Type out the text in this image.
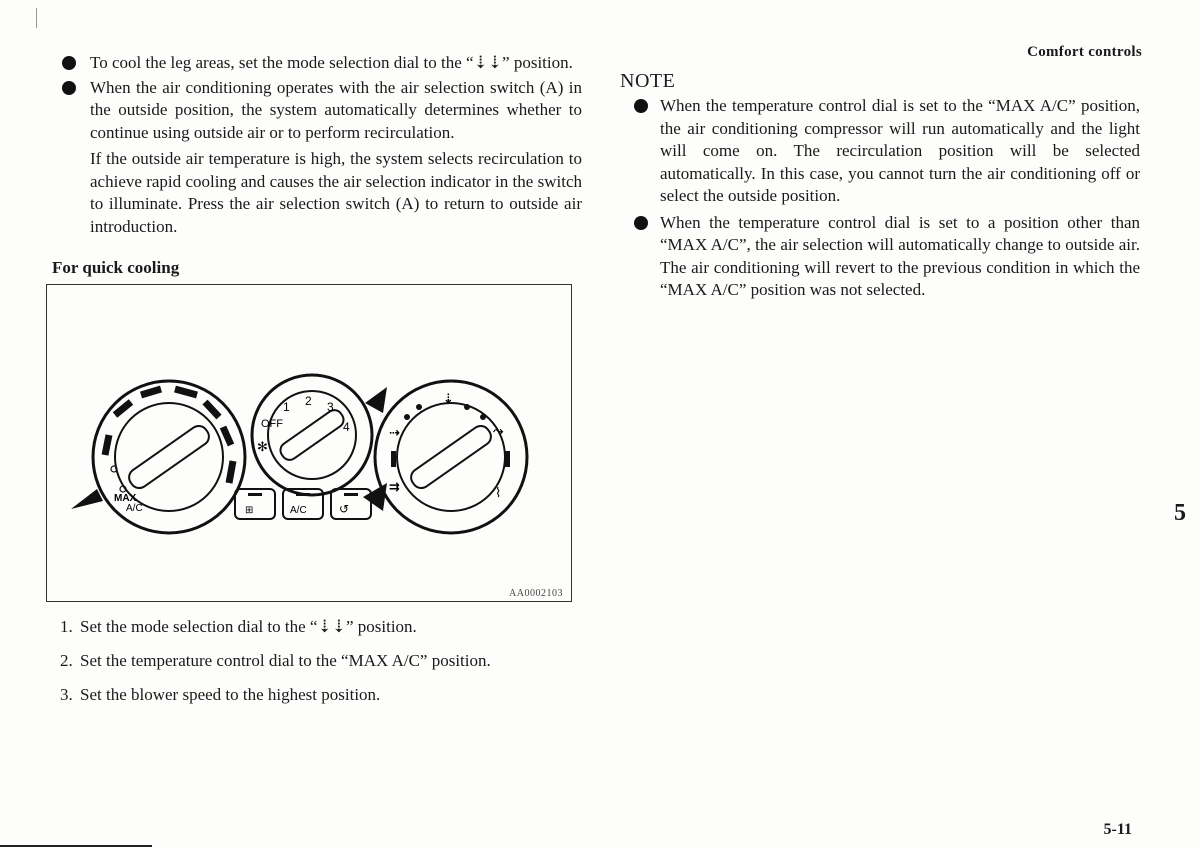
Comfort controls
5

To cool the leg areas, set the mode selection dial to the “⇣⇣” position.

When the air conditioning operates with the air selection switch (A) in the outside position, the system automatically determines whether to continue using outside air or to perform recirculation.

If the outside air temperature is high, the system selects recirculation to achieve rapid cooling and causes the air selection indicator in the switch to illuminate. Press the air selection switch (A) to return to outside air introduction.

For quick cooling
MAX
A/C
OFF
1 2 3
4
✻
⇢
⇣
⤳
⇉	⌇
⊞	A/C	↺
AA0002103
1. Set the mode selection dial to the “⇣⇣” position.
2. Set the temperature control dial to the “MAX A/C” position.
3. Set the blower speed to the highest position.
NOTE

When the temperature control dial is set to the “MAX A/C” position, the air conditioning compressor will run automatically and the light will come on. The recirculation position will be selected automatically. In this case, you cannot turn the air conditioning off or select the outside position.

When the temperature control dial is set to a position other than “MAX A/C”, the air selection will automatically change to outside air. The air conditioning will revert to the previous condition in which the “MAX A/C” position was not selected.

5-11
